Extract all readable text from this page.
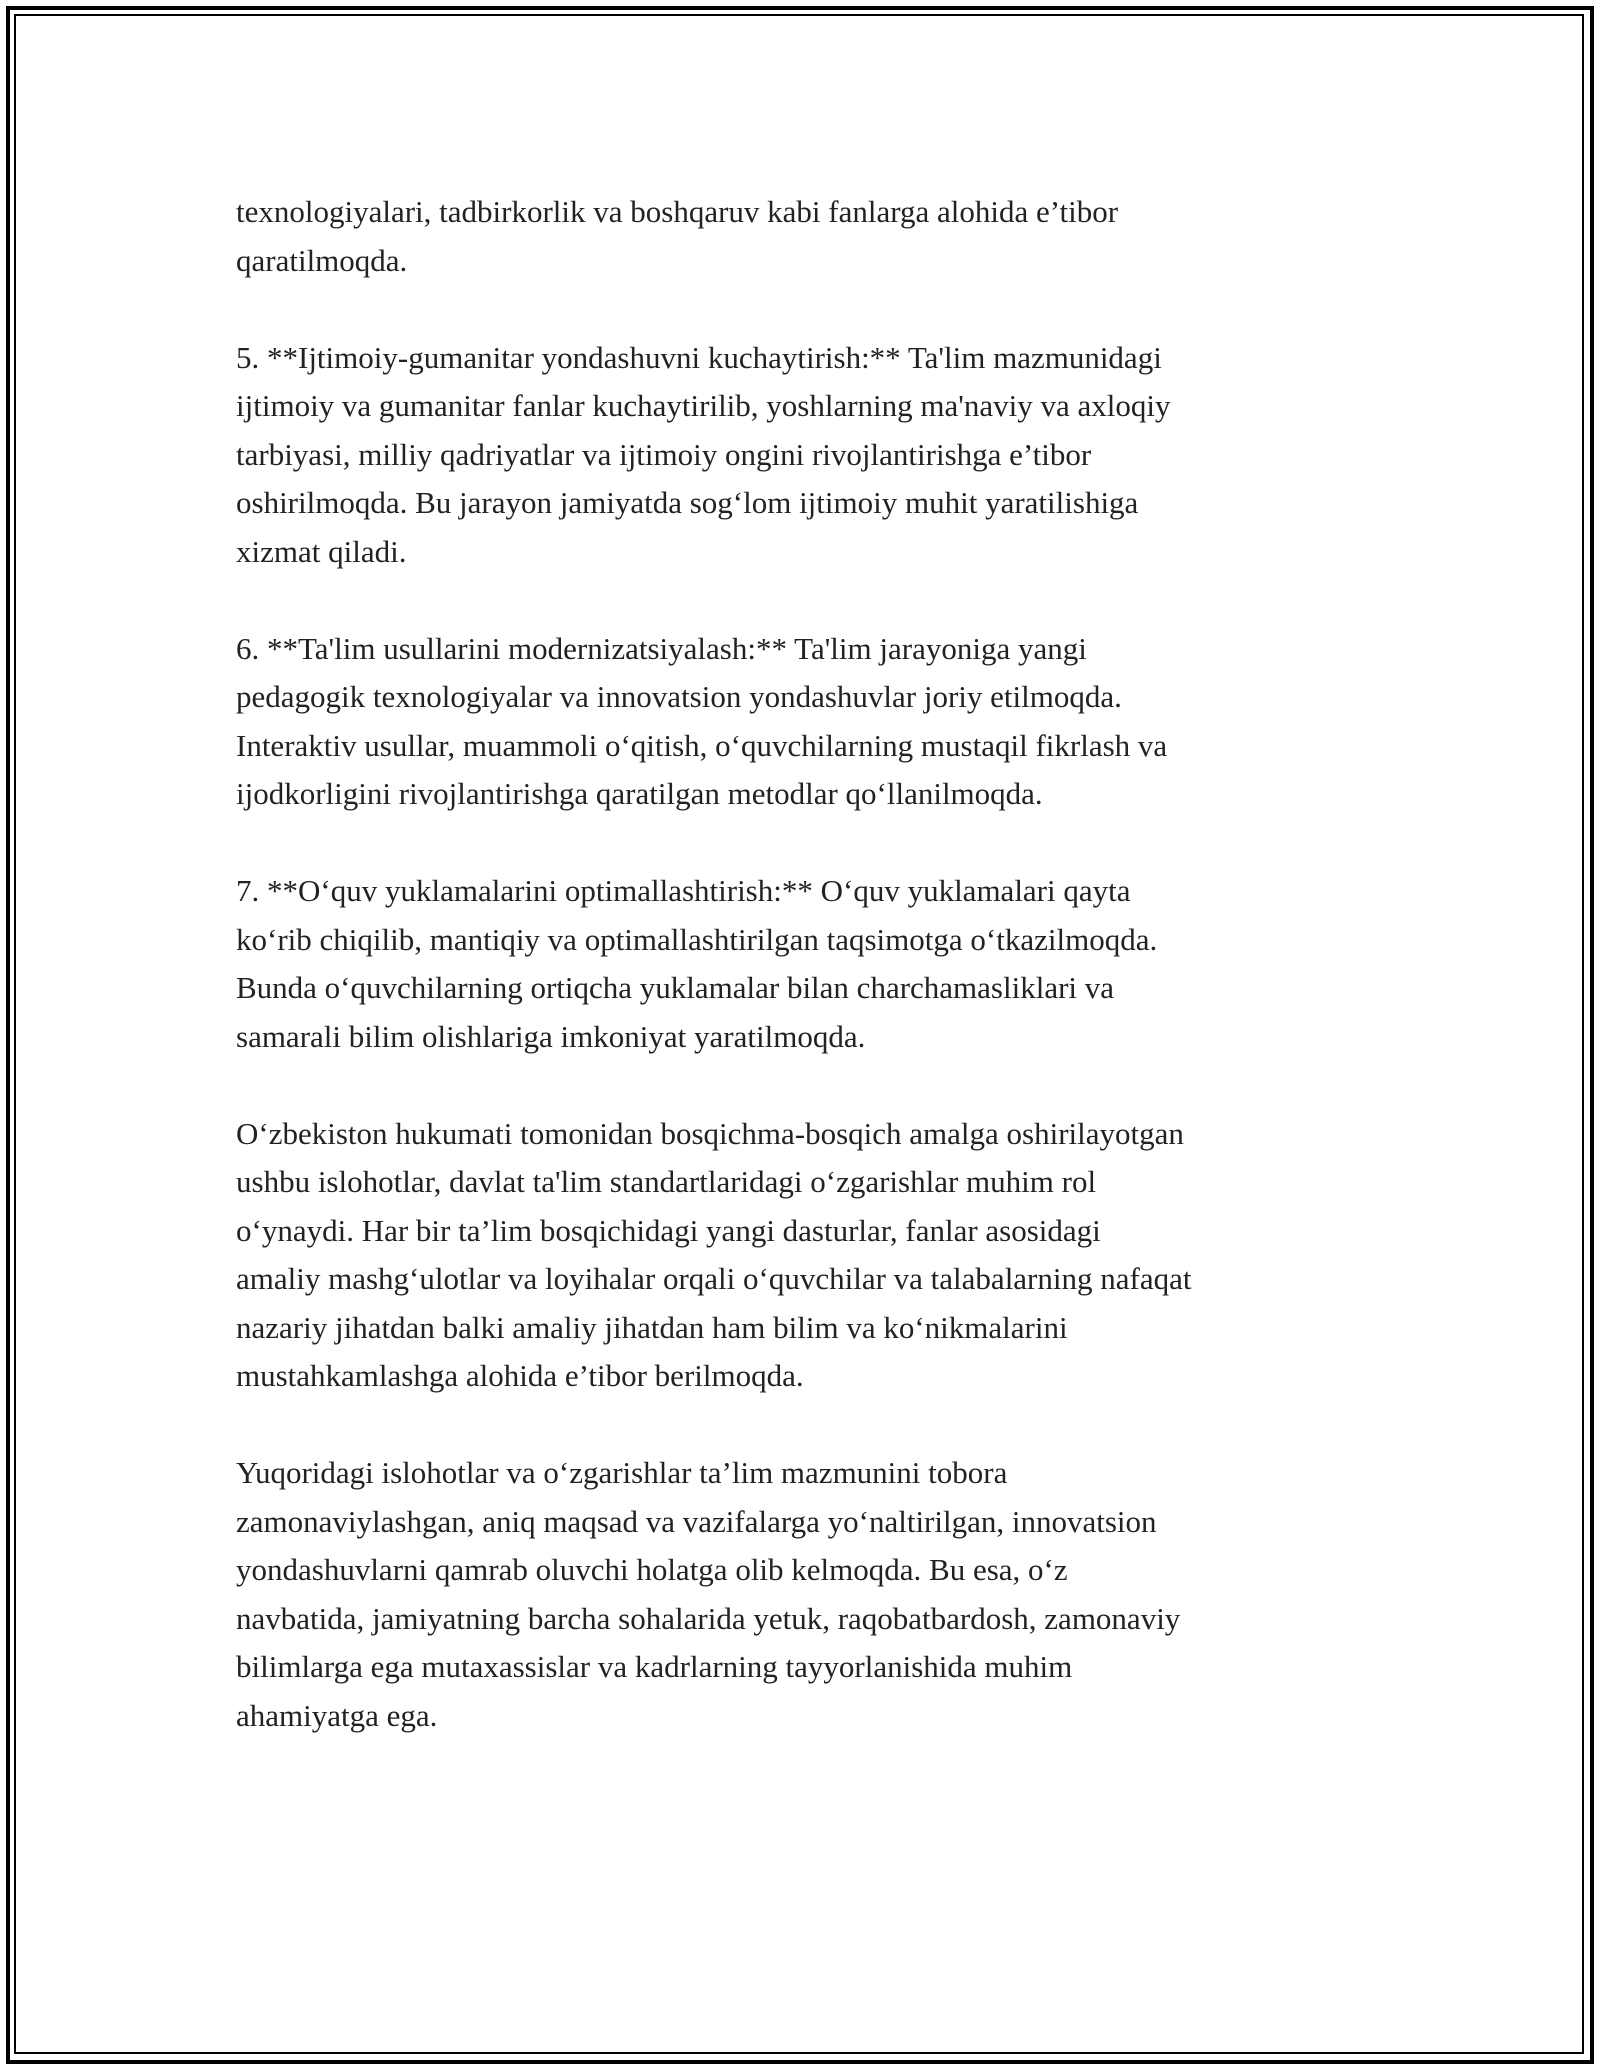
texnologiyalari, tadbirkorlik va boshqaruv kabi fanlarga alohida e’tibor
qaratilmoqda.

5. **Ijtimoiy-gumanitar yondashuvni kuchaytirish:** Ta'lim mazmunidagi
ijtimoiy va gumanitar fanlar kuchaytirilib, yoshlarning ma'naviy va axloqiy
tarbiyasi, milliy qadriyatlar va ijtimoiy ongini rivojlantirishga e’tibor
oshirilmoqda. Bu jarayon jamiyatda sog‘lom ijtimoiy muhit yaratilishiga
xizmat qiladi.

6. **Ta'lim usullarini modernizatsiyalash:** Ta'lim jarayoniga yangi
pedagogik texnologiyalar va innovatsion yondashuvlar joriy etilmoqda.
Interaktiv usullar, muammoli o‘qitish, o‘quvchilarning mustaqil fikrlash va
ijodkorligini rivojlantirishga qaratilgan metodlar qo‘llanilmoqda.

7. **O‘quv yuklamalarini optimallashtirish:** O‘quv yuklamalari qayta
ko‘rib chiqilib, mantiqiy va optimallashtirilgan taqsimotga o‘tkazilmoqda.
Bunda o‘quvchilarning ortiqcha yuklamalar bilan charchamasliklari va
samarali bilim olishlariga imkoniyat yaratilmoqda.

O‘zbekiston hukumati tomonidan bosqichma-bosqich amalga oshirilayotgan
ushbu islohotlar, davlat ta'lim standartlaridagi o‘zgarishlar muhim rol
o‘ynaydi. Har bir ta’lim bosqichidagi yangi dasturlar, fanlar asosidagi
amaliy mashg‘ulotlar va loyihalar orqali o‘quvchilar va talabalarning nafaqat
nazariy jihatdan balki amaliy jihatdan ham bilim va ko‘nikmalarini
mustahkamlashga alohida e’tibor berilmoqda.

Yuqoridagi islohotlar va o‘zgarishlar ta’lim mazmunini tobora
zamonaviylashgan, aniq maqsad va vazifalarga yo‘naltirilgan, innovatsion
yondashuvlarni qamrab oluvchi holatga olib kelmoqda. Bu esa, o‘z
navbatida, jamiyatning barcha sohalarida yetuk, raqobatbardosh, zamonaviy
bilimlarga ega mutaxassislar va kadrlarning tayyorlanishida muhim
ahamiyatga ega.
